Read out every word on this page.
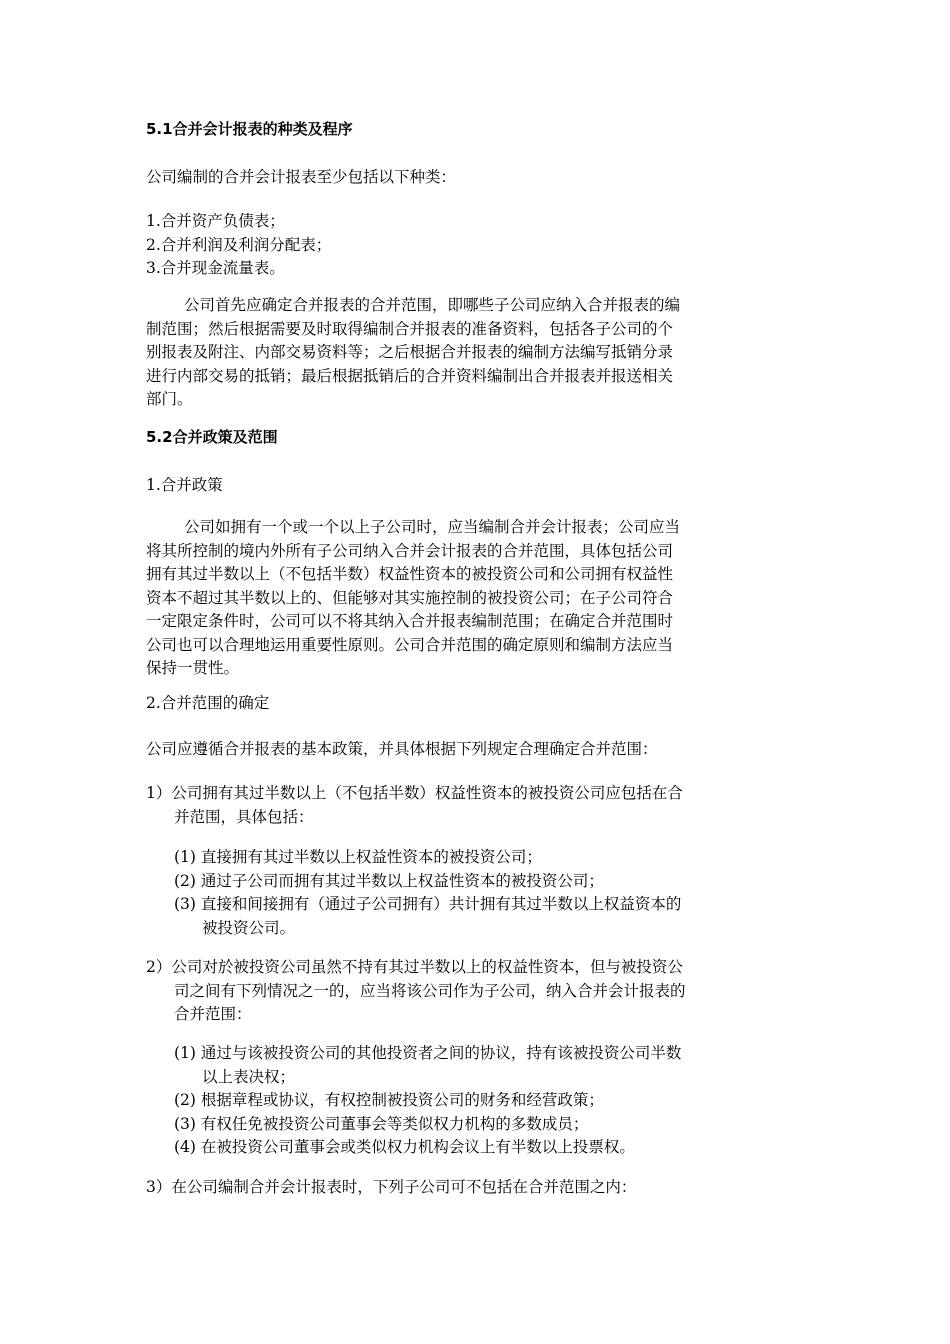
5.1合并会计报表的种类及程序
公司编制的合并会计报表至少包括以下种类：
1.合并资产负债表；
2.合并利润及利润分配表；
3.合并现金流量表。
公司首先应确定合并报表的合并范围，即哪些子公司应纳入合并报表的编
制范围；然后根据需要及时取得编制合并报表的准备资料，包括各子公司的个
别报表及附注、内部交易资料等；之后根据合并报表的编制方法编写抵销分录
进行内部交易的抵销；最后根据抵销后的合并资料编制出合并报表并报送相关
部门。
5.2合并政策及范围
1.合并政策
公司如拥有一个或一个以上子公司时，应当编制合并会计报表；公司应当
将其所控制的境内外所有子公司纳入合并会计报表的合并范围，具体包括公司
拥有其过半数以上（不包括半数）权益性资本的被投资公司和公司拥有权益性
资本不超过其半数以上的、但能够对其实施控制的被投资公司；在子公司符合
一定限定条件时，公司可以不将其纳入合并报表编制范围；在确定合并范围时
公司也可以合理地运用重要性原则。公司合并范围的确定原则和编制方法应当
保持一贯性。
2.合并范围的确定
公司应遵循合并报表的基本政策，并具体根据下列规定合理确定合并范围：
1）公司拥有其过半数以上（不包括半数）权益性资本的被投资公司应包括在合
并范围，具体包括：
(1) 直接拥有其过半数以上权益性资本的被投资公司；
(2) 通过子公司而拥有其过半数以上权益性资本的被投资公司；
(3) 直接和间接拥有（通过子公司拥有）共计拥有其过半数以上权益资本的
被投资公司。
2）公司对於被投资公司虽然不持有其过半数以上的权益性资本，但与被投资公
司之间有下列情况之一的，应当将该公司作为子公司，纳入合并会计报表的
合并范围：
(1) 通过与该被投资公司的其他投资者之间的协议，持有该被投资公司半数
以上表决权；
(2) 根据章程或协议，有权控制被投资公司的财务和经营政策；
(3) 有权任免被投资公司董事会等类似权力机构的多数成员；
(4) 在被投资公司董事会或类似权力机构会议上有半数以上投票权。
3）在公司编制合并会计报表时，下列子公司可不包括在合并范围之内：
